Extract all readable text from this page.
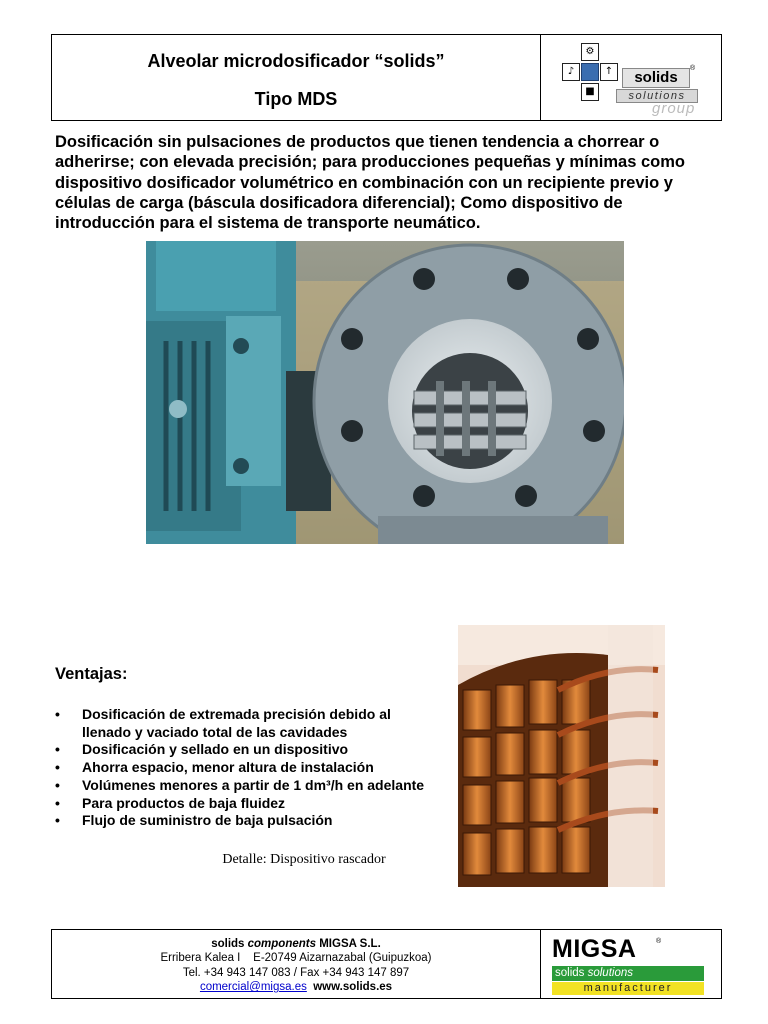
Alveolar microdosificador “solids”
Tipo MDS
⚙
♪	↑
■
solids
®
solutions
group
Dosificación sin pulsaciones de productos que tienen tendencia a chorrear o adherirse; con elevada precisión; para producciones pequeñas y mínimas como dispositivo dosificador volumétrico en combinación con un recipiente previo y células de carga (báscula dosificadora diferencial); Como dispositivo de introducción para el sistema de transporte neumático.
Ventajas:
• Dosificación de extremada precisión debido al
llenado y vaciado total de las cavidades
• Dosificación y sellado en un dispositivo
• Ahorra espacio, menor altura de instalación
• Volúmenes menores a partir de 1 dm³/h en adelante
• Para productos de baja fluidez
• Flujo de suministro de baja pulsación
Detalle: Dispositivo rascador
solids components MIGSA S.L.
Erribera Kalea I    E-20749 Aizarnazabal (Guipuzkoa)
Tel. +34 943 147 083 / Fax +34 943 147 897
comercial@migsa.es www.solids.es
MIGSA	®
solids solutions
manufacturer
